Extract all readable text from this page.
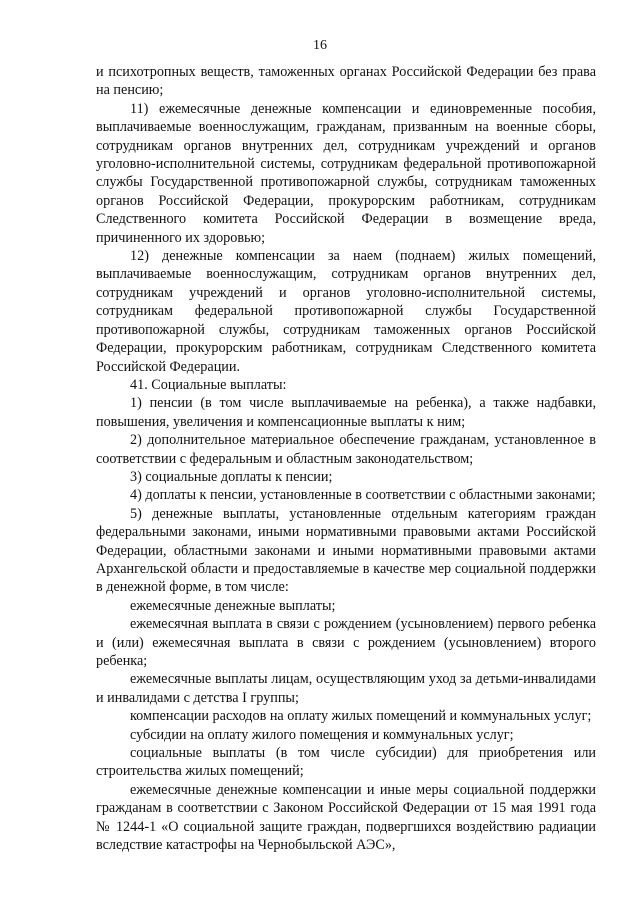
16

и психотропных веществ, таможенных органах Российской Федерации без права на пенсию;

11) ежемесячные денежные компенсации и единовременные пособия, выплачиваемые военнослужащим, гражданам, призванным на военные сборы, сотрудникам органов внутренних дел, сотрудникам учреждений и органов уголовно-исполнительной системы, сотрудникам федеральной противопожарной службы Государственной противопожарной службы, сотрудникам таможенных органов Российской Федерации, прокурорским работникам, сотрудникам Следственного комитета Российской Федерации в возмещение вреда, причиненного их здоровью;

12) денежные компенсации за наем (поднаем) жилых помещений, выплачиваемые военнослужащим, сотрудникам органов внутренних дел, сотрудникам учреждений и органов уголовно-исполнительной системы, сотрудникам федеральной противопожарной службы Государственной противопожарной службы, сотрудникам таможенных органов Российской Федерации, прокурорским работникам, сотрудникам Следственного комитета Российской Федерации.

41. Социальные выплаты:

1) пенсии (в том числе выплачиваемые на ребенка), а также надбавки, повышения, увеличения и компенсационные выплаты к ним;

2) дополнительное материальное обеспечение гражданам, установленное в соответствии с федеральным и областным законодательством;

3) социальные доплаты к пенсии;

4) доплаты к пенсии, установленные в соответствии с областными законами;

5) денежные выплаты, установленные отдельным категориям граждан федеральными законами, иными нормативными правовыми актами Российской Федерации, областными законами и иными нормативными правовыми актами Архангельской области и предоставляемые в качестве мер социальной поддержки в денежной форме, в том числе:

ежемесячные денежные выплаты;

ежемесячная выплата в связи с рождением (усыновлением) первого ребенка и (или) ежемесячная выплата в связи с рождением (усыновлением) второго ребенка;

ежемесячные выплаты лицам, осуществляющим уход за детьми-инвалидами и инвалидами с детства I группы;

компенсации расходов на оплату жилых помещений и коммунальных услуг;

субсидии на оплату жилого помещения и коммунальных услуг;

социальные выплаты (в том числе субсидии) для приобретения или строительства жилых помещений;

ежемесячные денежные компенсации и иные меры социальной поддержки гражданам в соответствии с Законом Российской Федерации от 15 мая 1991 года № 1244-1 «О социальной защите граждан, подвергшихся воздействию радиации вследствие катастрофы на Чернобыльской АЭС»,
